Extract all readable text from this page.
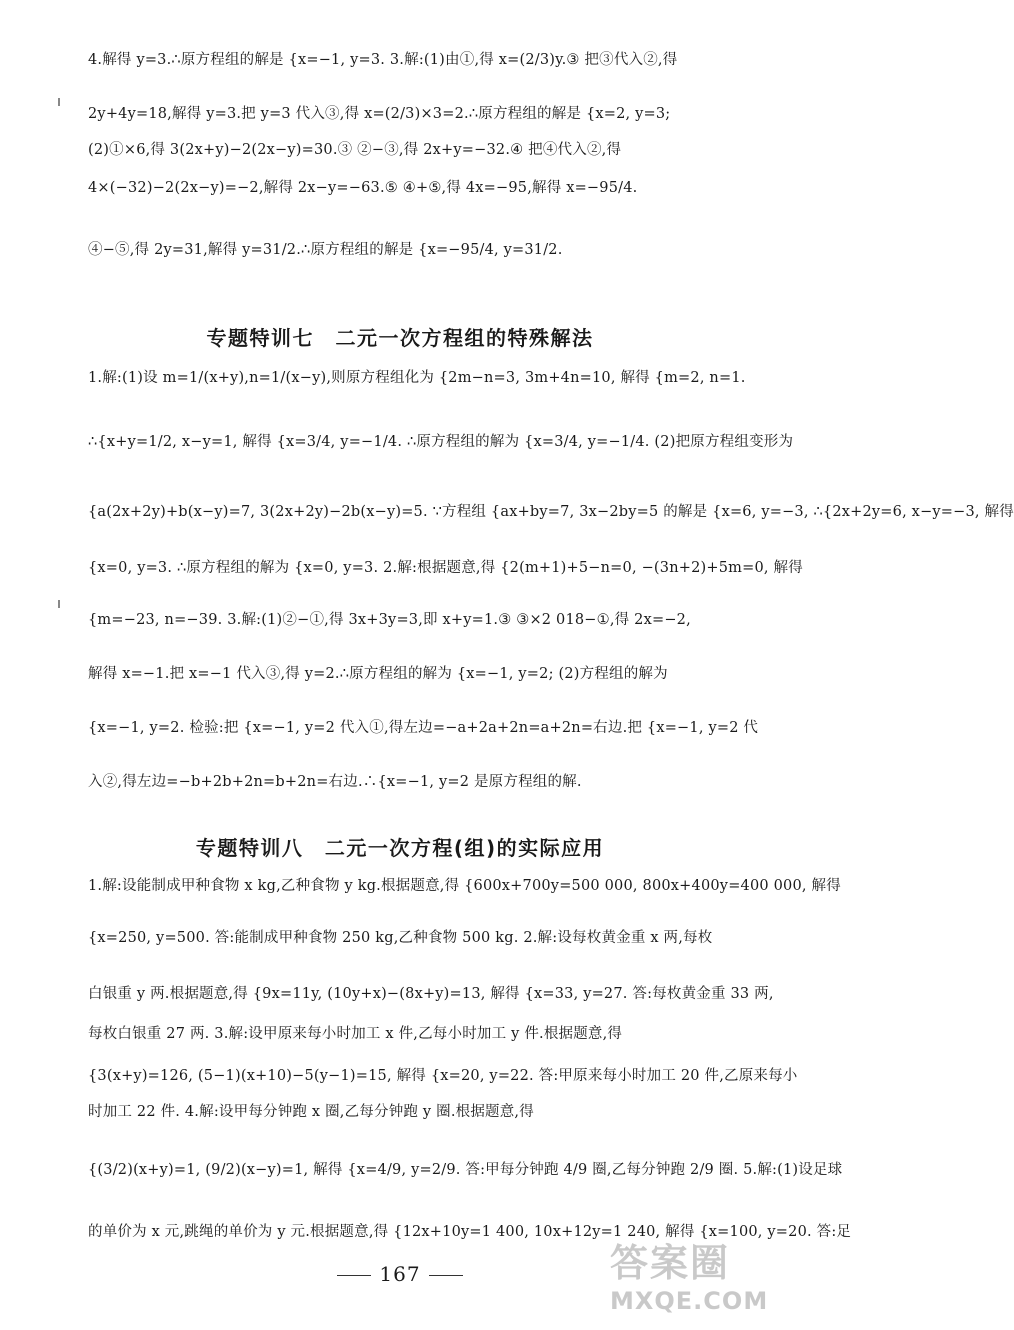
4.解得 y=3.∴原方程组的解是 {x=−1, y=3. 3.解:(1)由①,得 x=(2/3)y.③ 把③代入②,得
2y+4y=18,解得 y=3.把 y=3 代入③,得 x=(2/3)×3=2.∴原方程组的解是 {x=2, y=3;
(2)①×6,得 3(2x+y)−2(2x−y)=30.③ ②−③,得 2x+y=−32.④ 把④代入②,得
4×(−32)−2(2x−y)=−2,解得 2x−y=−63.⑤ ④+⑤,得 4x=−95,解得 x=−95/4.
④−⑤,得 2y=31,解得 y=31/2.∴原方程组的解是 {x=−95/4, y=31/2.
专题特训七　二元一次方程组的特殊解法
1.解:(1)设 m=1/(x+y),n=1/(x−y),则原方程组化为 {2m−n=3, 3m+4n=10, 解得 {m=2, n=1.
∴{x+y=1/2, x−y=1, 解得 {x=3/4, y=−1/4. ∴原方程组的解为 {x=3/4, y=−1/4. (2)把原方程组变形为
{a(2x+2y)+b(x−y)=7, 3(2x+2y)−2b(x−y)=5. ∵方程组 {ax+by=7, 3x−2by=5 的解是 {x=6, y=−3, ∴{2x+2y=6, x−y=−3, 解得
{x=0, y=3. ∴原方程组的解为 {x=0, y=3. 2.解:根据题意,得 {2(m+1)+5−n=0, −(3n+2)+5m=0, 解得
{m=−23, n=−39. 3.解:(1)②−①,得 3x+3y=3,即 x+y=1.③ ③×2 018−①,得 2x=−2,
解得 x=−1.把 x=−1 代入③,得 y=2.∴原方程组的解为 {x=−1, y=2; (2)方程组的解为
{x=−1, y=2. 检验:把 {x=−1, y=2 代入①,得左边=−a+2a+2n=a+2n=右边.把 {x=−1, y=2 代
入②,得左边=−b+2b+2n=b+2n=右边.∴{x=−1, y=2 是原方程组的解.
专题特训八　二元一次方程(组)的实际应用
1.解:设能制成甲种食物 x kg,乙种食物 y kg.根据题意,得 {600x+700y=500 000, 800x+400y=400 000, 解得
{x=250, y=500. 答:能制成甲种食物 250 kg,乙种食物 500 kg. 2.解:设每枚黄金重 x 两,每枚
白银重 y 两.根据题意,得 {9x=11y, (10y+x)−(8x+y)=13, 解得 {x=33, y=27. 答:每枚黄金重 33 两,
每枚白银重 27 两. 3.解:设甲原来每小时加工 x 件,乙每小时加工 y 件.根据题意,得
{3(x+y)=126, (5−1)(x+10)−5(y−1)=15, 解得 {x=20, y=22. 答:甲原来每小时加工 20 件,乙原来每小
时加工 22 件. 4.解:设甲每分钟跑 x 圈,乙每分钟跑 y 圈.根据题意,得
{(3/2)(x+y)=1, (9/2)(x−y)=1, 解得 {x=4/9, y=2/9. 答:甲每分钟跑 4/9 圈,乙每分钟跑 2/9 圈. 5.解:(1)设足球
的单价为 x 元,跳绳的单价为 y 元.根据题意,得 {12x+10y=1 400, 10x+12y=1 240, 解得 {x=100, y=20. 答:足
167	答案圈
MXQE.COM
